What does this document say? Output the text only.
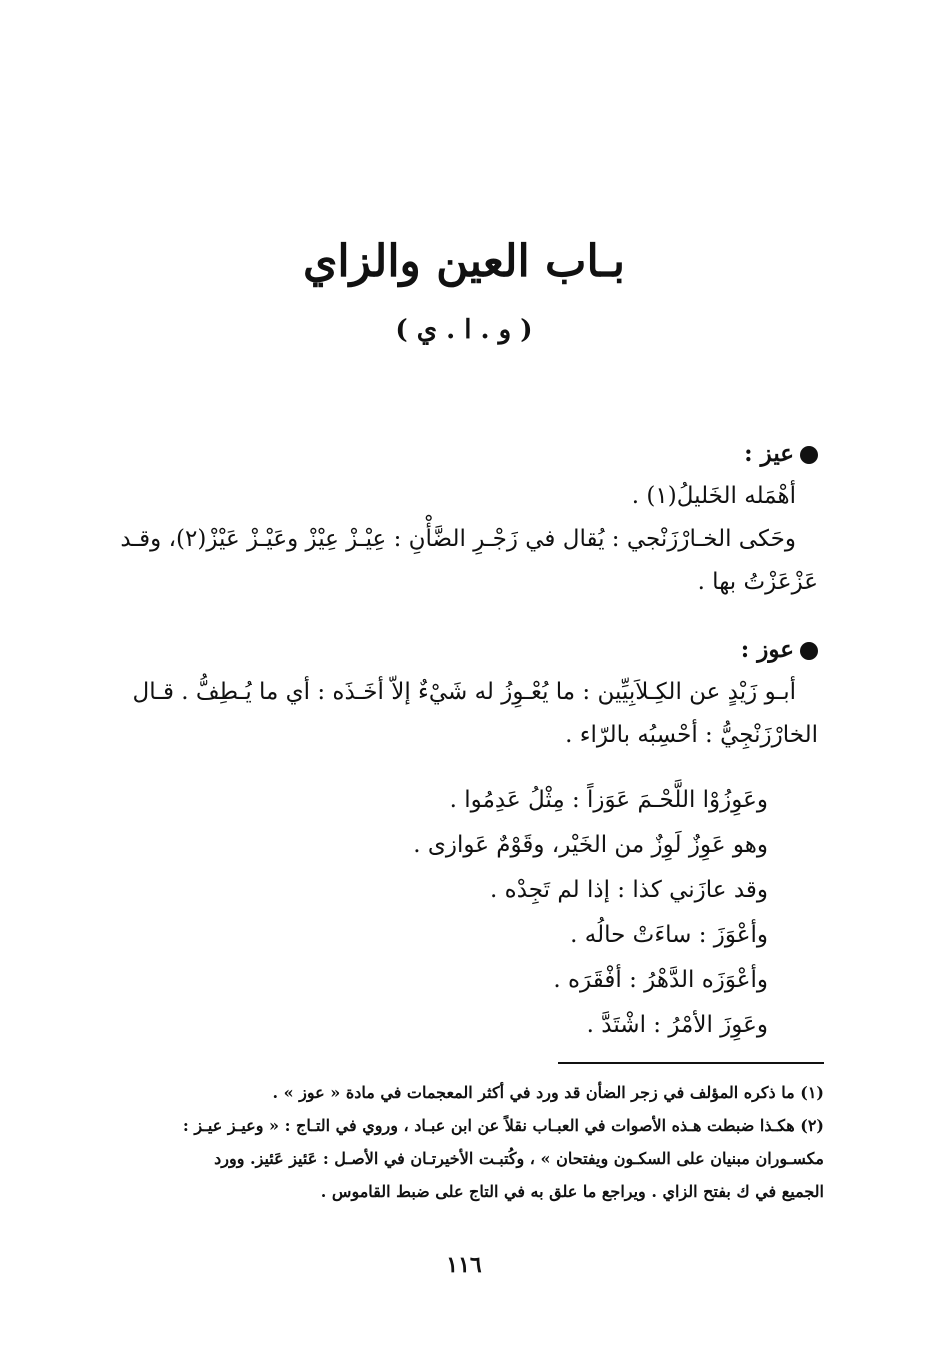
بـاب العين والزاي
( و . ا . ي )
عيز :
أهْمَله الخَليلُ(١) .
وحَكى الخـارْزَنْجي : يُقال في زَجْـرِ الضَّأْنِ : عِيْـزْ عِيْزْ وعَيْـزْ عَيْزْ(٢)، وقـد
عَزْعَزْتُ بها .
عوز :
أبـو زَيْدٍ عن الكِـلاَبِيِّين : ما يُعْـوِزُ له شَيْءٌ إلاّ أخَـذَه : أي ما يُـطِفُّ . قـال
الخارْزَنْجِيُّ : أحْسِبُه بالرّاء .
وعَوِزُوْا اللَّحْـمَ عَوَزاً : مِثْلُ عَدِمُوا .
وهو عَوِزٌ لَوِزٌ من الخَيْر، وقَوْمٌ عَوازى .
وقد عازَني كذا : إذا لم تَجِدْه .
وأعْوَزَ : ساءَتْ حالُه .
وأعْوَزَه الدَّهْرُ : أفْقَرَه .
وعَوِزَ الأمْرُ : اشْتَدَّ .
(١) ما ذكره المؤلف في زجر الضأن قد ورد في أكثر المعجمات في مادة « عوز » .
(٢) هكـذا ضبطت هـذه الأصوات في العبـاب نقلاً عن ابن عبـاد ، وروي في التـاج : « وعيـز عيـز :
مكسـوران مبنيان على السكـون ويفتحان » ، وكُتبـت الأخيرتـان في الأصـل : عَئيز عَئيز. وورد
الجميع في ك بفتح الزاي . ويراجع ما علق به في التاج على ضبط القاموس .
١١٦
